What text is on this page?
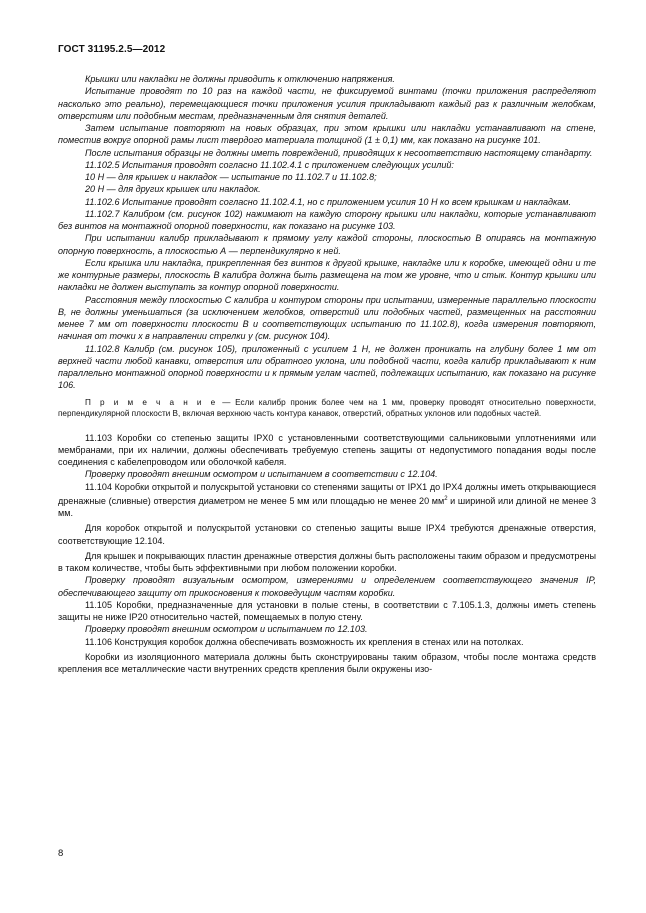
ГОСТ 31195.2.5—2012

Крышки или накладки не должны приводить к отключению напряжения.

Испытание проводят по 10 раз на каждой части, не фиксируемой винтами (точки приложения распределяют насколько это реально), перемещающиеся точки приложения усилия прикладывают каждый раз к различным желобкам, отверстиям или подобным местам, предназначенным для снятия деталей.

Затем испытание повторяют на новых образцах, при этом крышки или накладки устанавливают на стене, поместив вокруг опорной рамы лист твердого материала толщиной (1 ± 0,1) мм, как показано на рисунке 101.

После испытания образцы не должны иметь повреждений, приводящих к несоответствию настоящему стандарту.

11.102.5 Испытания проводят согласно 11.102.4.1 с приложением следующих усилий:

10 Н — для крышек и накладок — испытание по 11.102.7 и 11.102.8;

20 Н — для других крышек или накладок.

11.102.6 Испытание проводят согласно 11.102.4.1, но с приложением усилия 10 Н ко всем крышкам и накладкам.

11.102.7 Калибром (см. рисунок 102) нажимают на каждую сторону крышки или накладки, которые устанавливают без винтов на монтажной опорной поверхности, как показано на рисунке 103.

При испытании калибр прикладывают к прямому углу каждой стороны, плоскостью В опираясь на монтажную опорную поверхность, а плоскостью А — перпендикулярно к ней.

Если крышка или накладка, прикрепленная без винтов к другой крышке, накладке или к коробке, имеющей одни и те же контурные размеры, плоскость В калибра должна быть размещена на том же уровне, что и стык. Контур крышки или накладки не должен выступать за контур опорной поверхности.

Расстояния между плоскостью С калибра и контуром стороны при испытании, измеренные параллельно плоскости В, не должны уменьшаться (за исключением желобков, отверстий или подобных частей, размещенных на расстоянии менее 7 мм от поверхности плоскости В и соответствующих испытанию по 11.102.8), когда измерения повторяют, начиная от точки х в направлении стрелки у (см. рисунок 104).

11.102.8 Калибр (см. рисунок 105), приложенный с усилием 1 Н, не должен проникать на глубину более 1 мм от верхней части любой канавки, отверстия или обратного уклона, или подобной части, когда калибр прикладывают к ним параллельно монтажной опорной поверхности и к прямым углам частей, подлежащих испытанию, как показано на рисунке 106.

П р и м е ч а н и е — Если калибр проник более чем на 1 мм, проверку проводят относительно поверхности, перпендикулярной плоскости В, включая верхнюю часть контура канавок, отверстий, обратных уклонов или подобных частей.

11.103 Коробки со степенью защиты IPX0 с установленными соответствующими сальниковыми уплотнениями или мембранами, при их наличии, должны обеспечивать требуемую степень защиты от недопустимого попадания воды после соединения с кабелепроводом или оболочкой кабеля.

Проверку проводят внешним осмотром и испытанием в соответствии с 12.104.

11.104 Коробки открытой и полускрытой установки со степенями защиты от IPX1 до IPX4 должны иметь открывающиеся дренажные (сливные) отверстия диаметром не менее 5 мм или площадью не менее 20 $мм^2$ и шириной или длиной не менее 3 мм.

Для коробок открытой и полускрытой установки со степенью защиты выше IPX4 требуются дренажные отверстия, соответствующие 12.104.

Для крышек и покрывающих пластин дренажные отверстия должны быть расположены таким образом и предусмотрены в таком количестве, чтобы быть эффективными при любом положении коробки.

Проверку проводят визуальным осмотром, измерениями и определением соответствующего значения IP, обеспечивающего защиту от прикосновения к токоведущим частям коробки.

11.105 Коробки, предназначенные для установки в полые стены, в соответствии с 7.105.1.3, должны иметь степень защиты не ниже IP20 относительно частей, помещаемых в полую стену.

Проверку проводят внешним осмотром и испытанием по 12.103.

11.106 Конструкция коробок должна обеспечивать возможность их крепления в стенах или на потолках.

Коробки из изоляционного материала должны быть сконструированы таким образом, чтобы после монтажа средств крепления все металлические части внутренних средств крепления были окружены изо-

8
